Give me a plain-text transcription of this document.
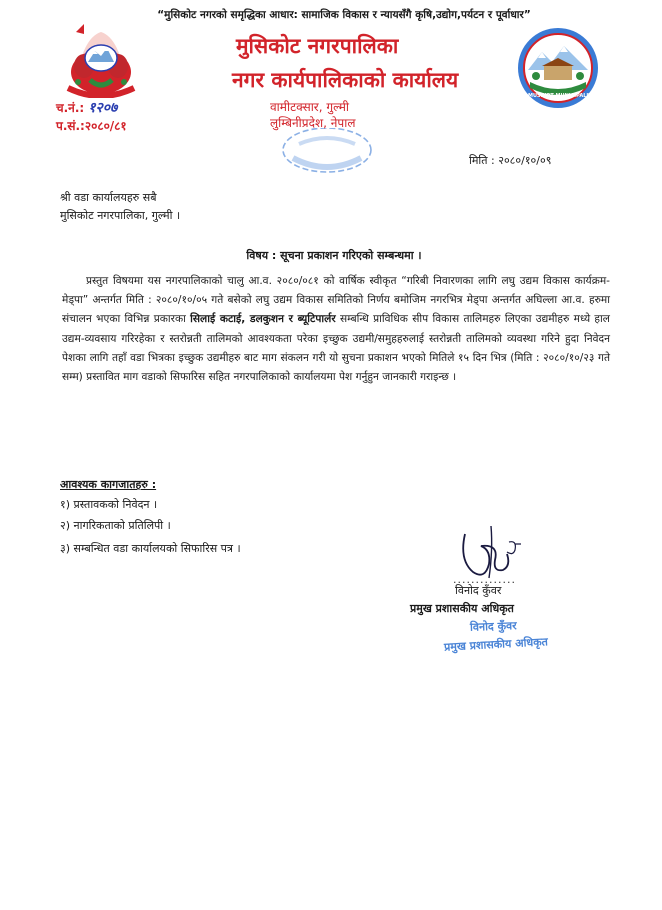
“मुसिकोट नगरको समृद्धिका आधार: सामाजिक विकास र न्यायसँगै कृषि,उद्योग,पर्यटन र पूर्वाधार”
मुसिकोट नगरपालिका
नगर कार्यपालिकाको कार्यालय
MUSIKOT MUNICIPALITY
च.नं.: १२०७
प.सं.:२०८०/८१
वामीटक्सार, गुल्मी
लुम्बिनीप्रदेश, नेपाल
मिति : २०८०/१०/०९
श्री वडा कार्यालयहरु सबै
मुसिकोट नगरपालिका, गुल्मी ।
विषय : सूचना प्रकाशन गरिएको सम्बन्धमा ।
प्रस्तुत विषयमा यस नगरपालिकाको चालु आ.व. २०८०/०८१ को वार्षिक स्वीकृत “गरिबी निवारणका लागि लघु उद्यम विकास कार्यक्रम-मेड्पा” अन्तर्गत मिति : २०८०/१०/०५ गते बसेको लघु उद्यम विकास समितिको निर्णय बमोजिम नगरभित्र मेड्पा अन्तर्गत अघिल्ला आ.व. हरुमा संचालन भएका विभिन्न प्रकारका सिलाई कटाई, डलकुशन र ब्यूटिपार्लर सम्बन्धि प्राविधिक सीप विकास तालिमहरु लिएका उद्यमीहरु मध्ये हाल उद्यम-व्यवसाय गरिरहेका र स्तरोन्नती तालिमको आवश्यकता परेका इच्छुक उद्यमी/समुहहरुलाई स्तरोन्नती तालिमको व्यवस्था गरिने हुदा निवेदन पेशका लागि तहाँ वडा भित्रका इच्छुक उद्यमीहरु बाट माग संकलन गरी यो सुचना प्रकाशन भएको मितिले १५ दिन भित्र (मिति : २०८०/१०/२३ गते सम्म) प्रस्तावित माग वडाको सिफारिस सहित नगरपालिकाको कार्यालयमा पेश गर्नुहुन जानकारी गराइन्छ ।
आवश्यक कागजातहरु :
१) प्रस्तावकको निवेदन ।
२) नागरिकताको प्रतिलिपी ।
३) सम्बन्धित वडा कार्यालयको सिफारिस पत्र ।
..............
विनोद कुँवर
प्रमुख प्रशासकीय अधिकृत
विनोद कुँवर
प्रमुख प्रशासकीय अधिकृत
